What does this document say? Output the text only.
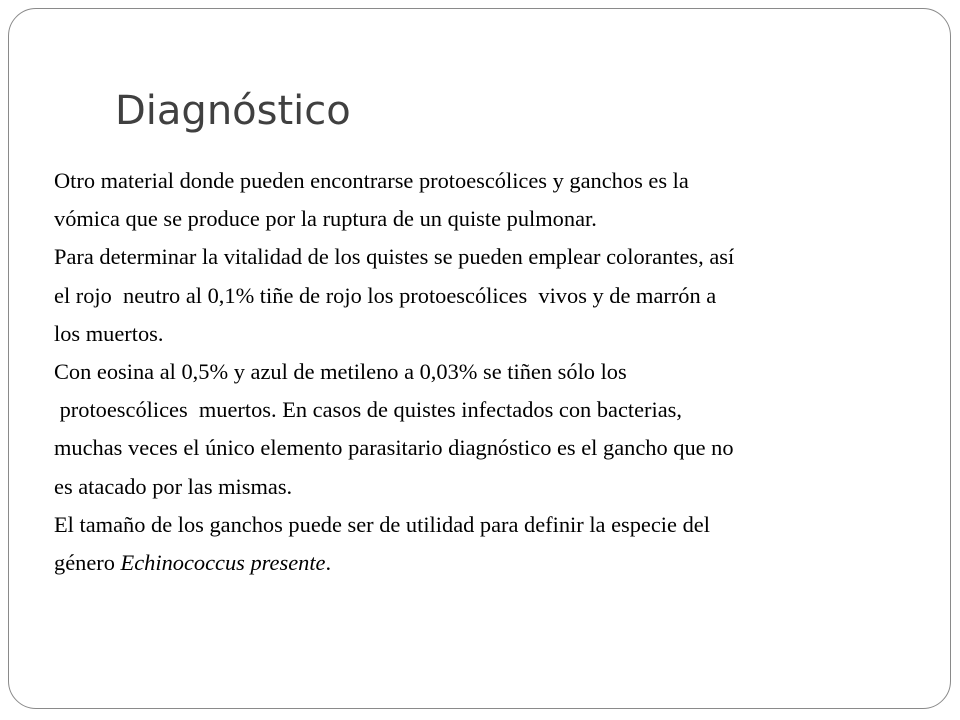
Diagnóstico
Otro material donde pueden encontrarse protoescólices y ganchos es la
vómica que se produce por la ruptura de un quiste pulmonar.
Para determinar la vitalidad de los quistes se pueden emplear colorantes, así
el rojo  neutro al 0,1% tiñe de rojo los protoescólices  vivos y de marrón a
los muertos.
Con eosina al 0,5% y azul de metileno a 0,03% se tiñen sólo los
protoescólices  muertos. En casos de quistes infectados con bacterias,
muchas veces el único elemento parasitario diagnóstico es el gancho que no
es atacado por las mismas.
El tamaño de los ganchos puede ser de utilidad para definir la especie del
género Echinococcus presente.
